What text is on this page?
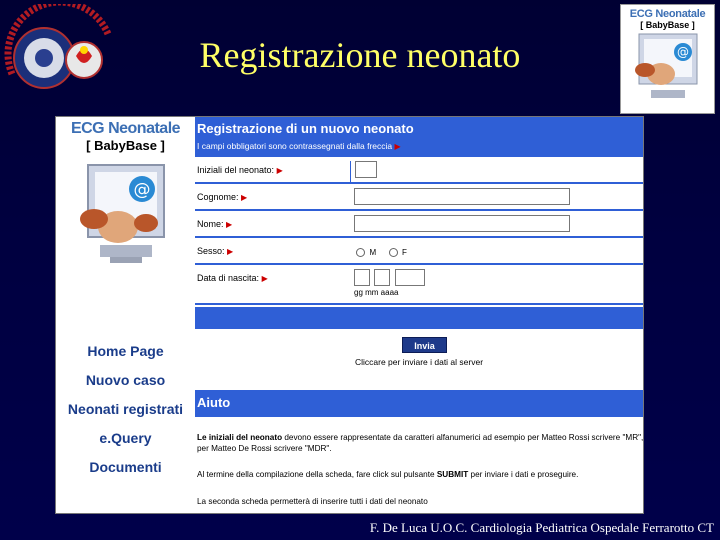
Registrazione neonato
ECG Neonatale
[ BabyBase ]
@
ECG Neonatale
[ BabyBase ]
@
Home Page
Nuovo caso
Neonati registrati
e.Query
Documenti
Registrazione di un nuovo neonato
I campi obbligatori sono contrassegnati dalla freccia ▶
Iniziali del neonato: ▶
Cognome: ▶
Nome: ▶
Sesso: ▶	M	F
Data di nascita: ▶

gg mm aaaa
Invia
Cliccare per inviare i dati al server
Aiuto
Le iniziali del neonato devono essere rappresentate da caratteri alfanumerici ad esempio per Matteo Rossi scrivere "MR", per Matteo De Rossi scrivere "MDR".
Al termine della compilazione della scheda, fare click sul pulsante SUBMIT per inviare i dati e proseguire.
La seconda scheda permetterà di inserire tutti i dati del neonato
F. De Luca U.O.C. Cardiologia Pediatrica Ospedale Ferrarotto CT
